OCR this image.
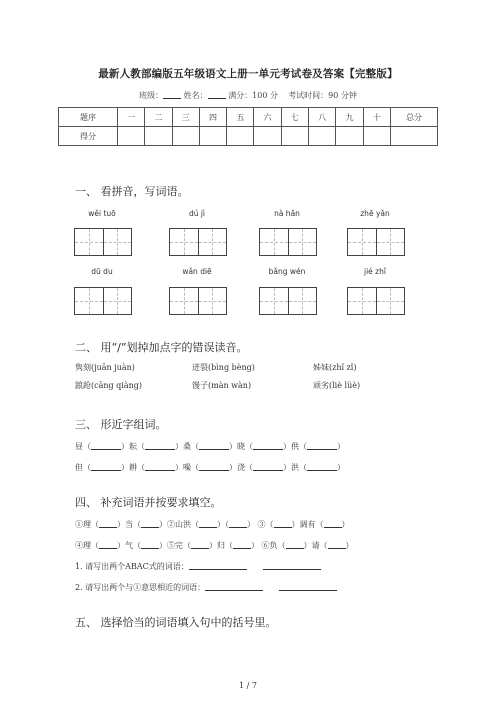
最新人教部编版五年级语文上册一单元考试卷及答案【完整版】
班级：	姓名：	满分：100 分 考试时间：90 分钟
题序	一	二	三	四	五	六	七	八	九	十	总分
得分											
一、 看拼音，写词语。
wěi tuō	dú jì	nà hǎn	zhē yǎn
dū du	wǎn diē	bǎng wén	jié zhǐ
二、 用“/”划掉加点字的错误读音。
隽刻(juān juàn)	迸裂(bìng bèng)	姊妹(zhǐ zǐ)
踉跄(cāng qiàng)	馒子(màn wàn)	顽劣(liè lüè)
三、 形近字组词。
昼（	）耘（	）桑（	）晓（	）供（	）
但（	）耕（	）噪（	）浇（	）洪（	）
四、 补充词语并按要求填空。
①理（ ）当（ ）②山洪（ ）（ ） ③（ ）调有（ ）
④理（ ）气（ ）⑤完（ ）归（ ） ⑥负（ ）请（ ）
1. 请写出两个ABAC式的词语：
2. 请写出两个与①意思相近的词语：
五、 选择恰当的词语填入句中的括号里。
1 / 7
